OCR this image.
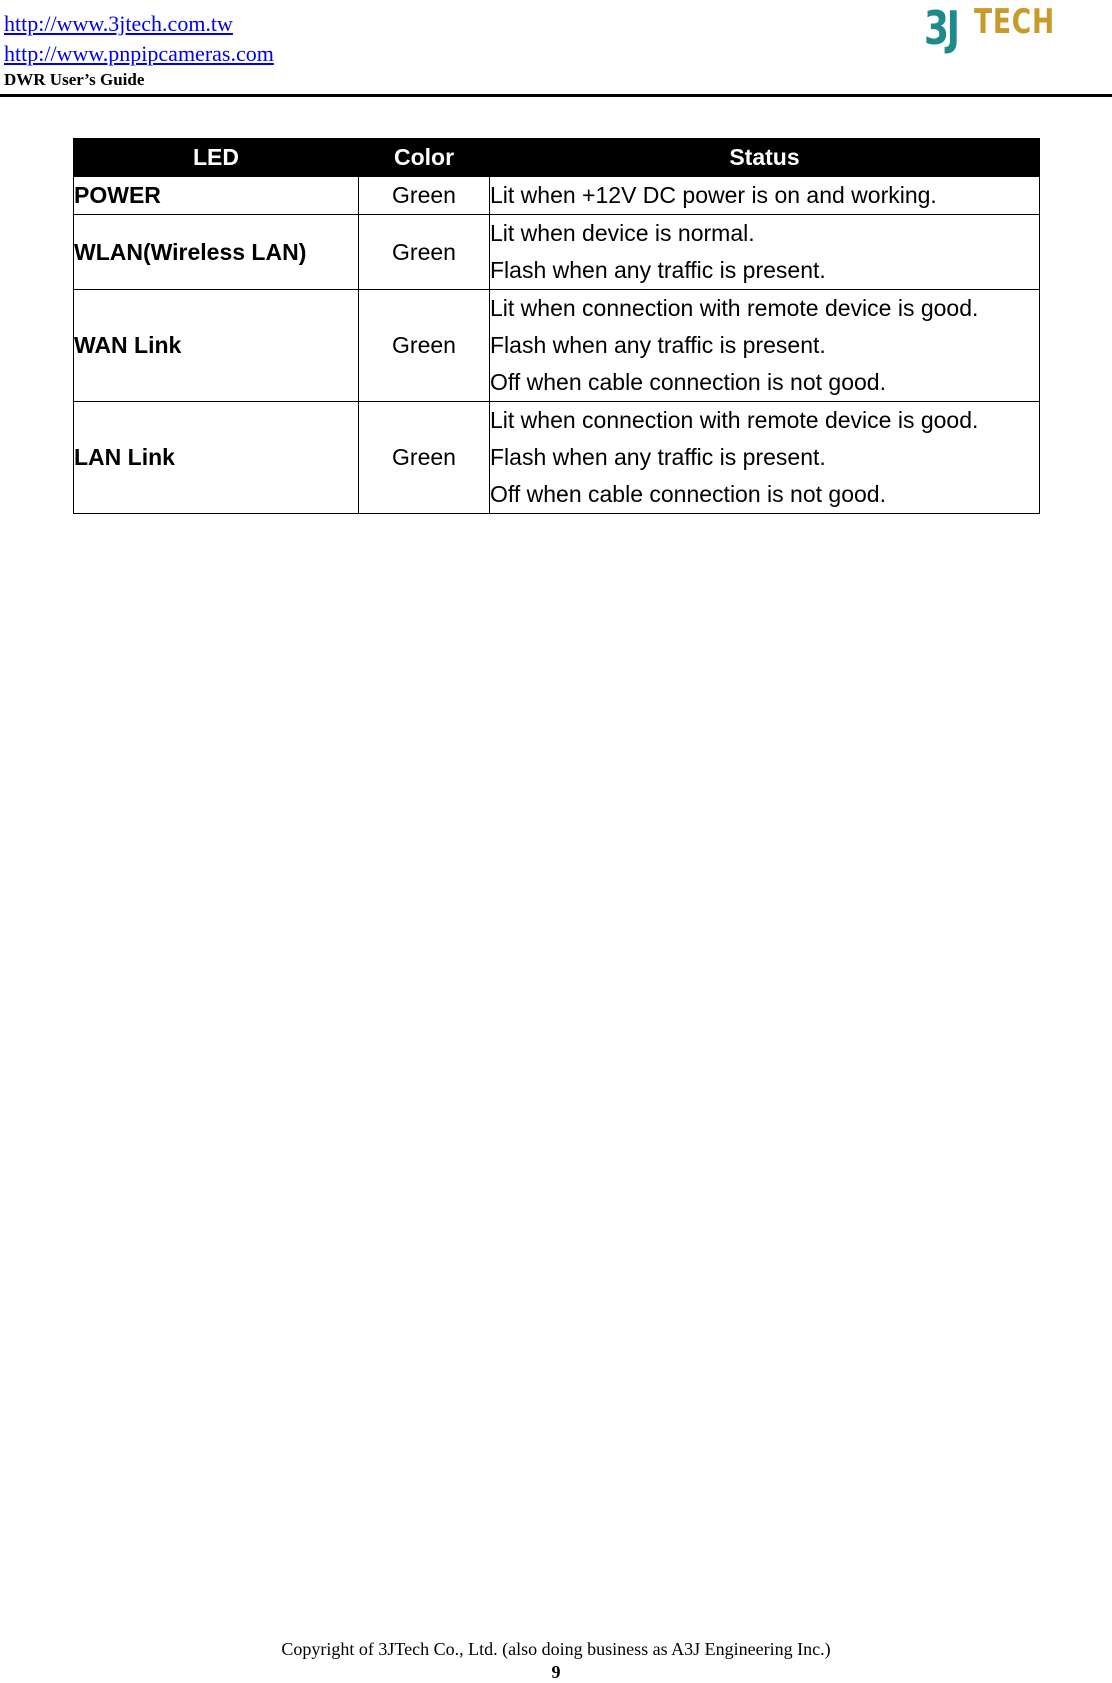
http://www.3jtech.com.tw
http://www.pnpipcameras.com
DWR User’s Guide
3J TECH
LED	Color	Status
POWER	Green	Lit when +12V DC power is on and working.

WLAN(Wireless LAN)	Green	Lit when device is normal.
Flash when any traffic is present.

WAN Link	Green	Lit when connection with remote device is good.
Flash when any traffic is present.
Off when cable connection is not good.

LAN Link	Green	Lit when connection with remote device is good.
Flash when any traffic is present.
Off when cable connection is not good.
Copyright of 3JTech Co., Ltd. (also doing business as A3J Engineering Inc.)
9
